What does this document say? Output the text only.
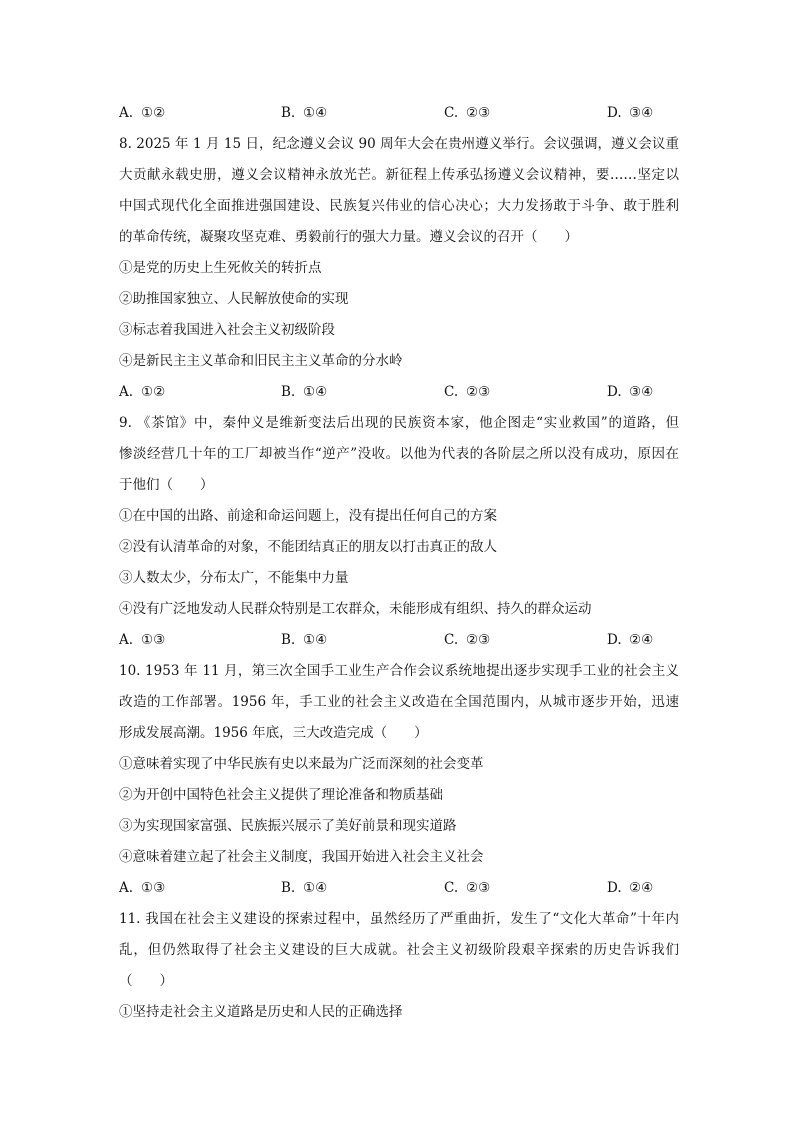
A. ①②	B. ①④	C. ②③	D. ③④
8. 2025 年 1 月 15 日，纪念遵义会议 90 周年大会在贵州遵义举行。会议强调，遵义会议重
大贡献永载史册，遵义会议精神永放光芒。新征程上传承弘扬遵义会议精神，要……坚定以
中国式现代化全面推进强国建设、民族复兴伟业的信心决心；大力发扬敢于斗争、敢于胜利
的革命传统，凝聚攻坚克难、勇毅前行的强大力量。遵义会议的召开（　　）
①是党的历史上生死攸关的转折点
②助推国家独立、人民解放使命的实现
③标志着我国进入社会主义初级阶段
④是新民主主义革命和旧民主主义革命的分水岭
A. ①②	B. ①④	C. ②③	D. ③④
9. 《茶馆》中，秦仲义是维新变法后出现的民族资本家，他企图走“实业救国”的道路，但
惨淡经营几十年的工厂却被当作“逆产”没收。以他为代表的各阶层之所以没有成功，原因在
于他们（　　）
①在中国的出路、前途和命运问题上，没有提出任何自己的方案
②没有认清革命的对象，不能团结真正的朋友以打击真正的敌人
③人数太少，分布太广，不能集中力量
④没有广泛地发动人民群众特别是工农群众，未能形成有组织、持久的群众运动
A. ①③	B. ①④	C. ②③	D. ②④
10. 1953 年 11 月，第三次全国手工业生产合作会议系统地提出逐步实现手工业的社会主义
改造的工作部署。1956 年，手工业的社会主义改造在全国范围内，从城市逐步开始，迅速
形成发展高潮。1956 年底，三大改造完成（　　）
①意味着实现了中华民族有史以来最为广泛而深刻的社会变革
②为开创中国特色社会主义提供了理论准备和物质基础
③为实现国家富强、民族振兴展示了美好前景和现实道路
④意味着建立起了社会主义制度，我国开始进入社会主义社会
A. ①③	B. ①④	C. ②③	D. ②④
11. 我国在社会主义建设的探索过程中，虽然经历了严重曲折，发生了“文化大革命”十年内
乱，但仍然取得了社会主义建设的巨大成就。社会主义初级阶段艰辛探索的历史告诉我们
（　　）
①坚持走社会主义道路是历史和人民的正确选择
